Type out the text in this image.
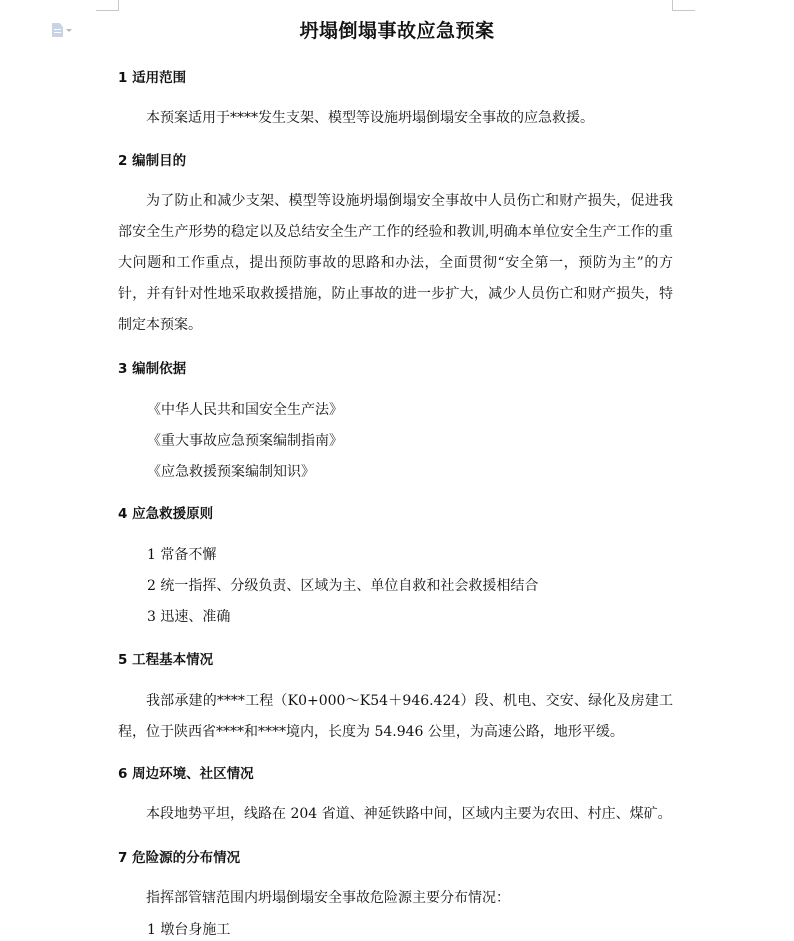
坍塌倒塌事故应急预案
1 适用范围

本预案适用于****发生支架、模型等设施坍塌倒塌安全事故的应急救援。

2 编制目的

为了防止和减少支架、模型等设施坍塌倒塌安全事故中人员伤亡和财产损失，促进我部安全生产形势的稳定以及总结安全生产工作的经验和教训,明确本单位安全生产工作的重大问题和工作重点，提出预防事故的思路和办法，全面贯彻“安全第一，预防为主”的方针，并有针对性地采取救援措施，防止事故的进一步扩大，减少人员伤亡和财产损失，特制定本预案。

3 编制依据
《中华人民共和国安全生产法》
《重大事故应急预案编制指南》
《应急救援预案编制知识》
4 应急救援原则
1 常备不懈
2 统一指挥、分级负责、区域为主、单位自救和社会救援相结合
3 迅速、准确
5 工程基本情况

我部承建的****工程（K0+000～K54＋946.424）段、机电、交安、绿化及房建工程，位于陕西省****和****境内，长度为 54.946 公里，为高速公路，地形平缓。

6 周边环境、社区情况

本段地势平坦，线路在 204 省道、神延铁路中间，区域内主要为农田、村庄、煤矿。

7 危险源的分布情况

指挥部管辖范围内坍塌倒塌安全事故危险源主要分布情况：

1 墩台身施工
